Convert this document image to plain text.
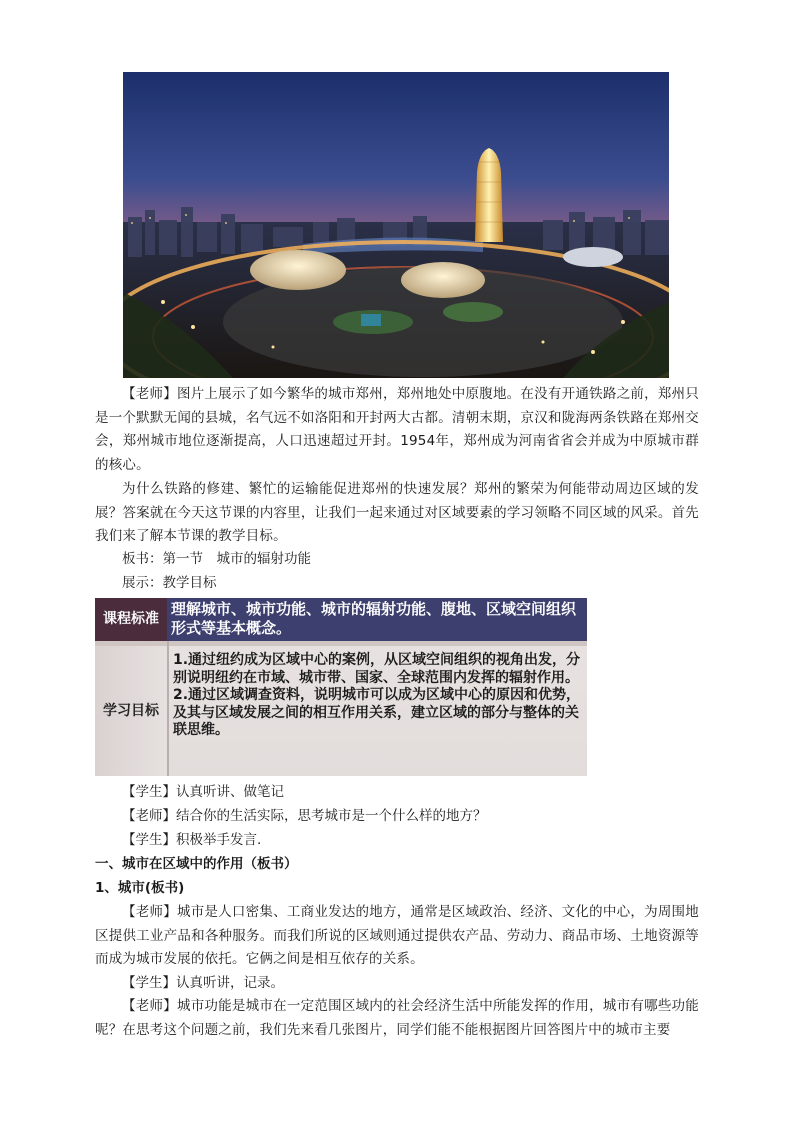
【老师】图片上展示了如今繁华的城市郑州，郑州地处中原腹地。在没有开通铁路之前，郑州只是一个默默无闻的县城，名气远不如洛阳和开封两大古都。清朝末期，京汉和陇海两条铁路在郑州交会，郑州城市地位逐渐提高，人口迅速超过开封。1954年，郑州成为河南省省会并成为中原城市群的核心。

为什么铁路的修建、繁忙的运输能促进郑州的快速发展？郑州的繁荣为何能带动周边区域的发展？答案就在今天这节课的内容里，让我们一起来通过对区域要素的学习领略不同区域的风采。首先我们来了解本节课的教学目标。

板书：第一节　城市的辐射功能
展示：教学目标
课程标准
理解城市、城市功能、城市的辐射功能、腹地、区域空间组织形式等基本概念。
学习目标
1.通过纽约成为区域中心的案例，从区域空间组织的视角出发，分别说明纽约在市域、城市带、国家、全球范围内发挥的辐射作用。
2.通过区域调查资料，说明城市可以成为区域中心的原因和优势，及其与区域发展之间的相互作用关系，建立区域的部分与整体的关联思维。
【学生】认真听讲、做笔记
【老师】结合你的生活实际，思考城市是一个什么样的地方？
【学生】积极举手发言.
一、城市在区域中的作用（板书）
1、城市(板书)

【老师】城市是人口密集、工商业发达的地方，通常是区域政治、经济、文化的中心，为周围地区提供工业产品和各种服务。而我们所说的区域则通过提供农产品、劳动力、商品市场、土地资源等而成为城市发展的依托。它俩之间是相互依存的关系。

【学生】认真听讲，记录。

【老师】城市功能是城市在一定范围区域内的社会经济生活中所能发挥的作用，城市有哪些功能呢？在思考这个问题之前，我们先来看几张图片，同学们能不能根据图片回答图片中的城市主要
